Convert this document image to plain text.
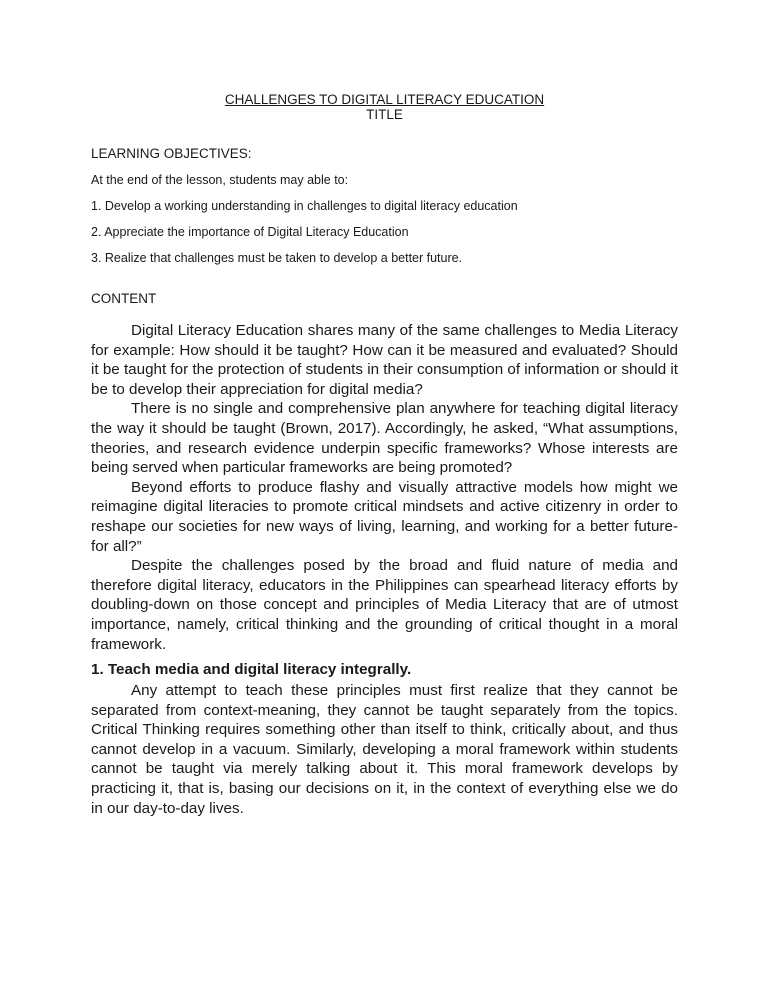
CHALLENGES TO DIGITAL LITERACY EDUCATION
TITLE
LEARNING OBJECTIVES:
At the end of the lesson, students may able to:
1. Develop a working understanding in challenges to digital literacy education
2. Appreciate the importance of Digital Literacy Education
3. Realize that challenges must be taken to develop a better future.
CONTENT

Digital Literacy Education shares many of the same challenges to Media Literacy for example: How should it be taught? How can it be measured and evaluated? Should it be taught for the protection of students in their consumption of information or should it be to develop their appreciation for digital media?

There is no single and comprehensive plan anywhere for teaching digital literacy the way it should be taught (Brown, 2017). Accordingly, he asked, “What assumptions, theories, and research evidence underpin specific frameworks? Whose interests are being served when particular frameworks are being promoted?

Beyond efforts to produce flashy and visually attractive models how might we reimagine digital literacies to promote critical mindsets and active citizenry in order to reshape our societies for new ways of living, learning, and working for a better future-for all?”

Despite the challenges posed by the broad and fluid nature of media and therefore digital literacy, educators in the Philippines can spearhead literacy efforts by doubling-down on those concept and principles of Media Literacy that are of utmost importance, namely, critical thinking and the grounding of critical thought in a moral framework.

1. Teach media and digital literacy integrally.

Any attempt to teach these principles must first realize that they cannot be separated from context-meaning, they cannot be taught separately from the topics. Critical Thinking requires something other than itself to think, critically about, and thus cannot develop in a vacuum. Similarly, developing a moral framework within students cannot be taught via merely talking about it. This moral framework develops by practicing it, that is, basing our decisions on it, in the context of everything else we do in our day-to-day lives.
